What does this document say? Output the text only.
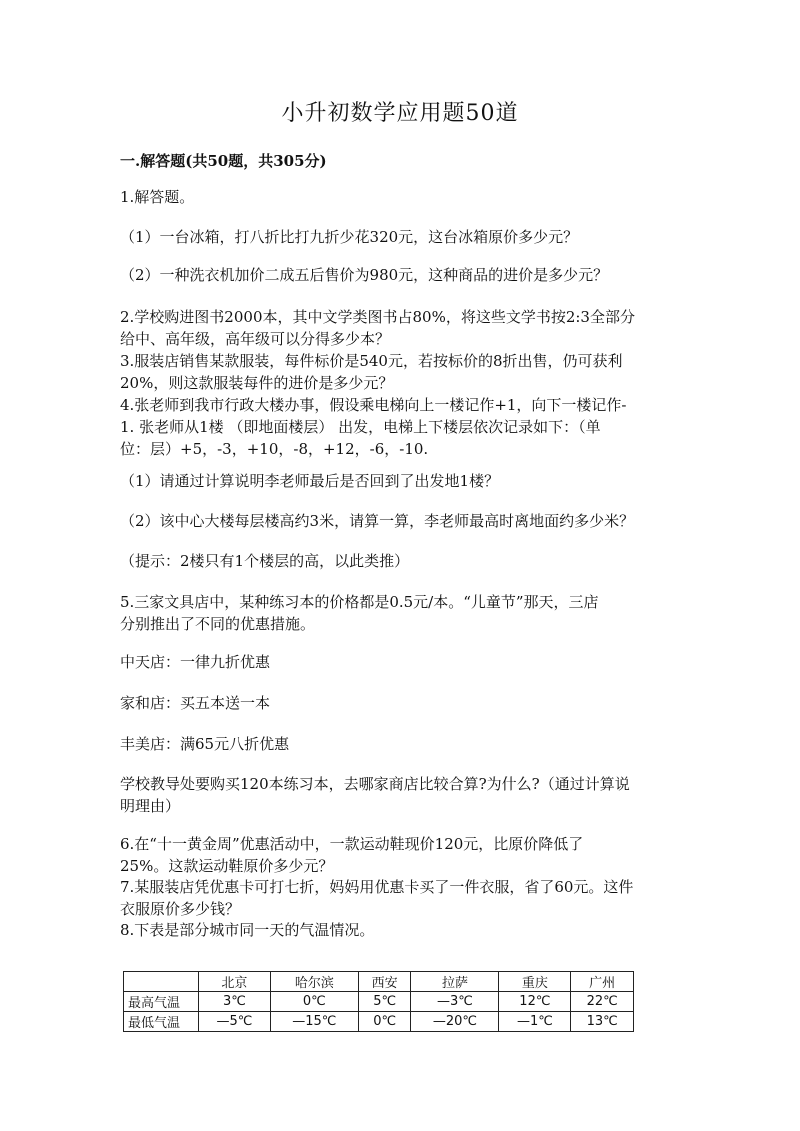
小升初数学应用题50道
一.解答题(共50题，共305分)
1.解答题。
（1）一台冰箱，打八折比打九折少花320元，这台冰箱原价多少元？
（2）一种洗衣机加价二成五后售价为980元，这种商品的进价是多少元？
2.学校购进图书2000本，其中文学类图书占80%，将这些文学书按2:3全部分
给中、高年级，高年级可以分得多少本？
3.服装店销售某款服装，每件标价是540元，若按标价的8折出售，仍可获利
20%，则这款服装每件的进价是多少元？
4.张老师到我市行政大楼办事，假设乘电梯向上一楼记作+1，向下一楼记作-
1. 张老师从1楼 （即地面楼层） 出发，电梯上下楼层依次记录如下：（单
位：层）+5，-3，+10，-8，+12，-6，-10.
（1）请通过计算说明李老师最后是否回到了出发地1楼？
（2）该中心大楼每层楼高约3米，请算一算，李老师最高时离地面约多少米？
（提示：2楼只有1个楼层的高，以此类推）
5.三家文具店中，某种练习本的价格都是0.5元/本。“儿童节”那天，三店
分别推出了不同的优惠措施。
中天店：一律九折优惠
家和店：买五本送一本
丰美店：满65元八折优惠
学校教导处要购买120本练习本，去哪家商店比较合算?为什么?（通过计算说
明理由）
6.在“十一黄金周”优惠活动中，一款运动鞋现价120元，比原价降低了
25%。这款运动鞋原价多少元？
7.某服装店凭优惠卡可打七折，妈妈用优惠卡买了一件衣服，省了60元。这件
衣服原价多少钱？
8.下表是部分城市同一天的气温情况。
	北京	哈尔滨	西安	拉萨	重庆	广州
最高气温	3℃	0℃	5℃	—3℃	12℃	22℃
最低气温	—5℃	—15℃	0℃	—20℃	—1℃	13℃
